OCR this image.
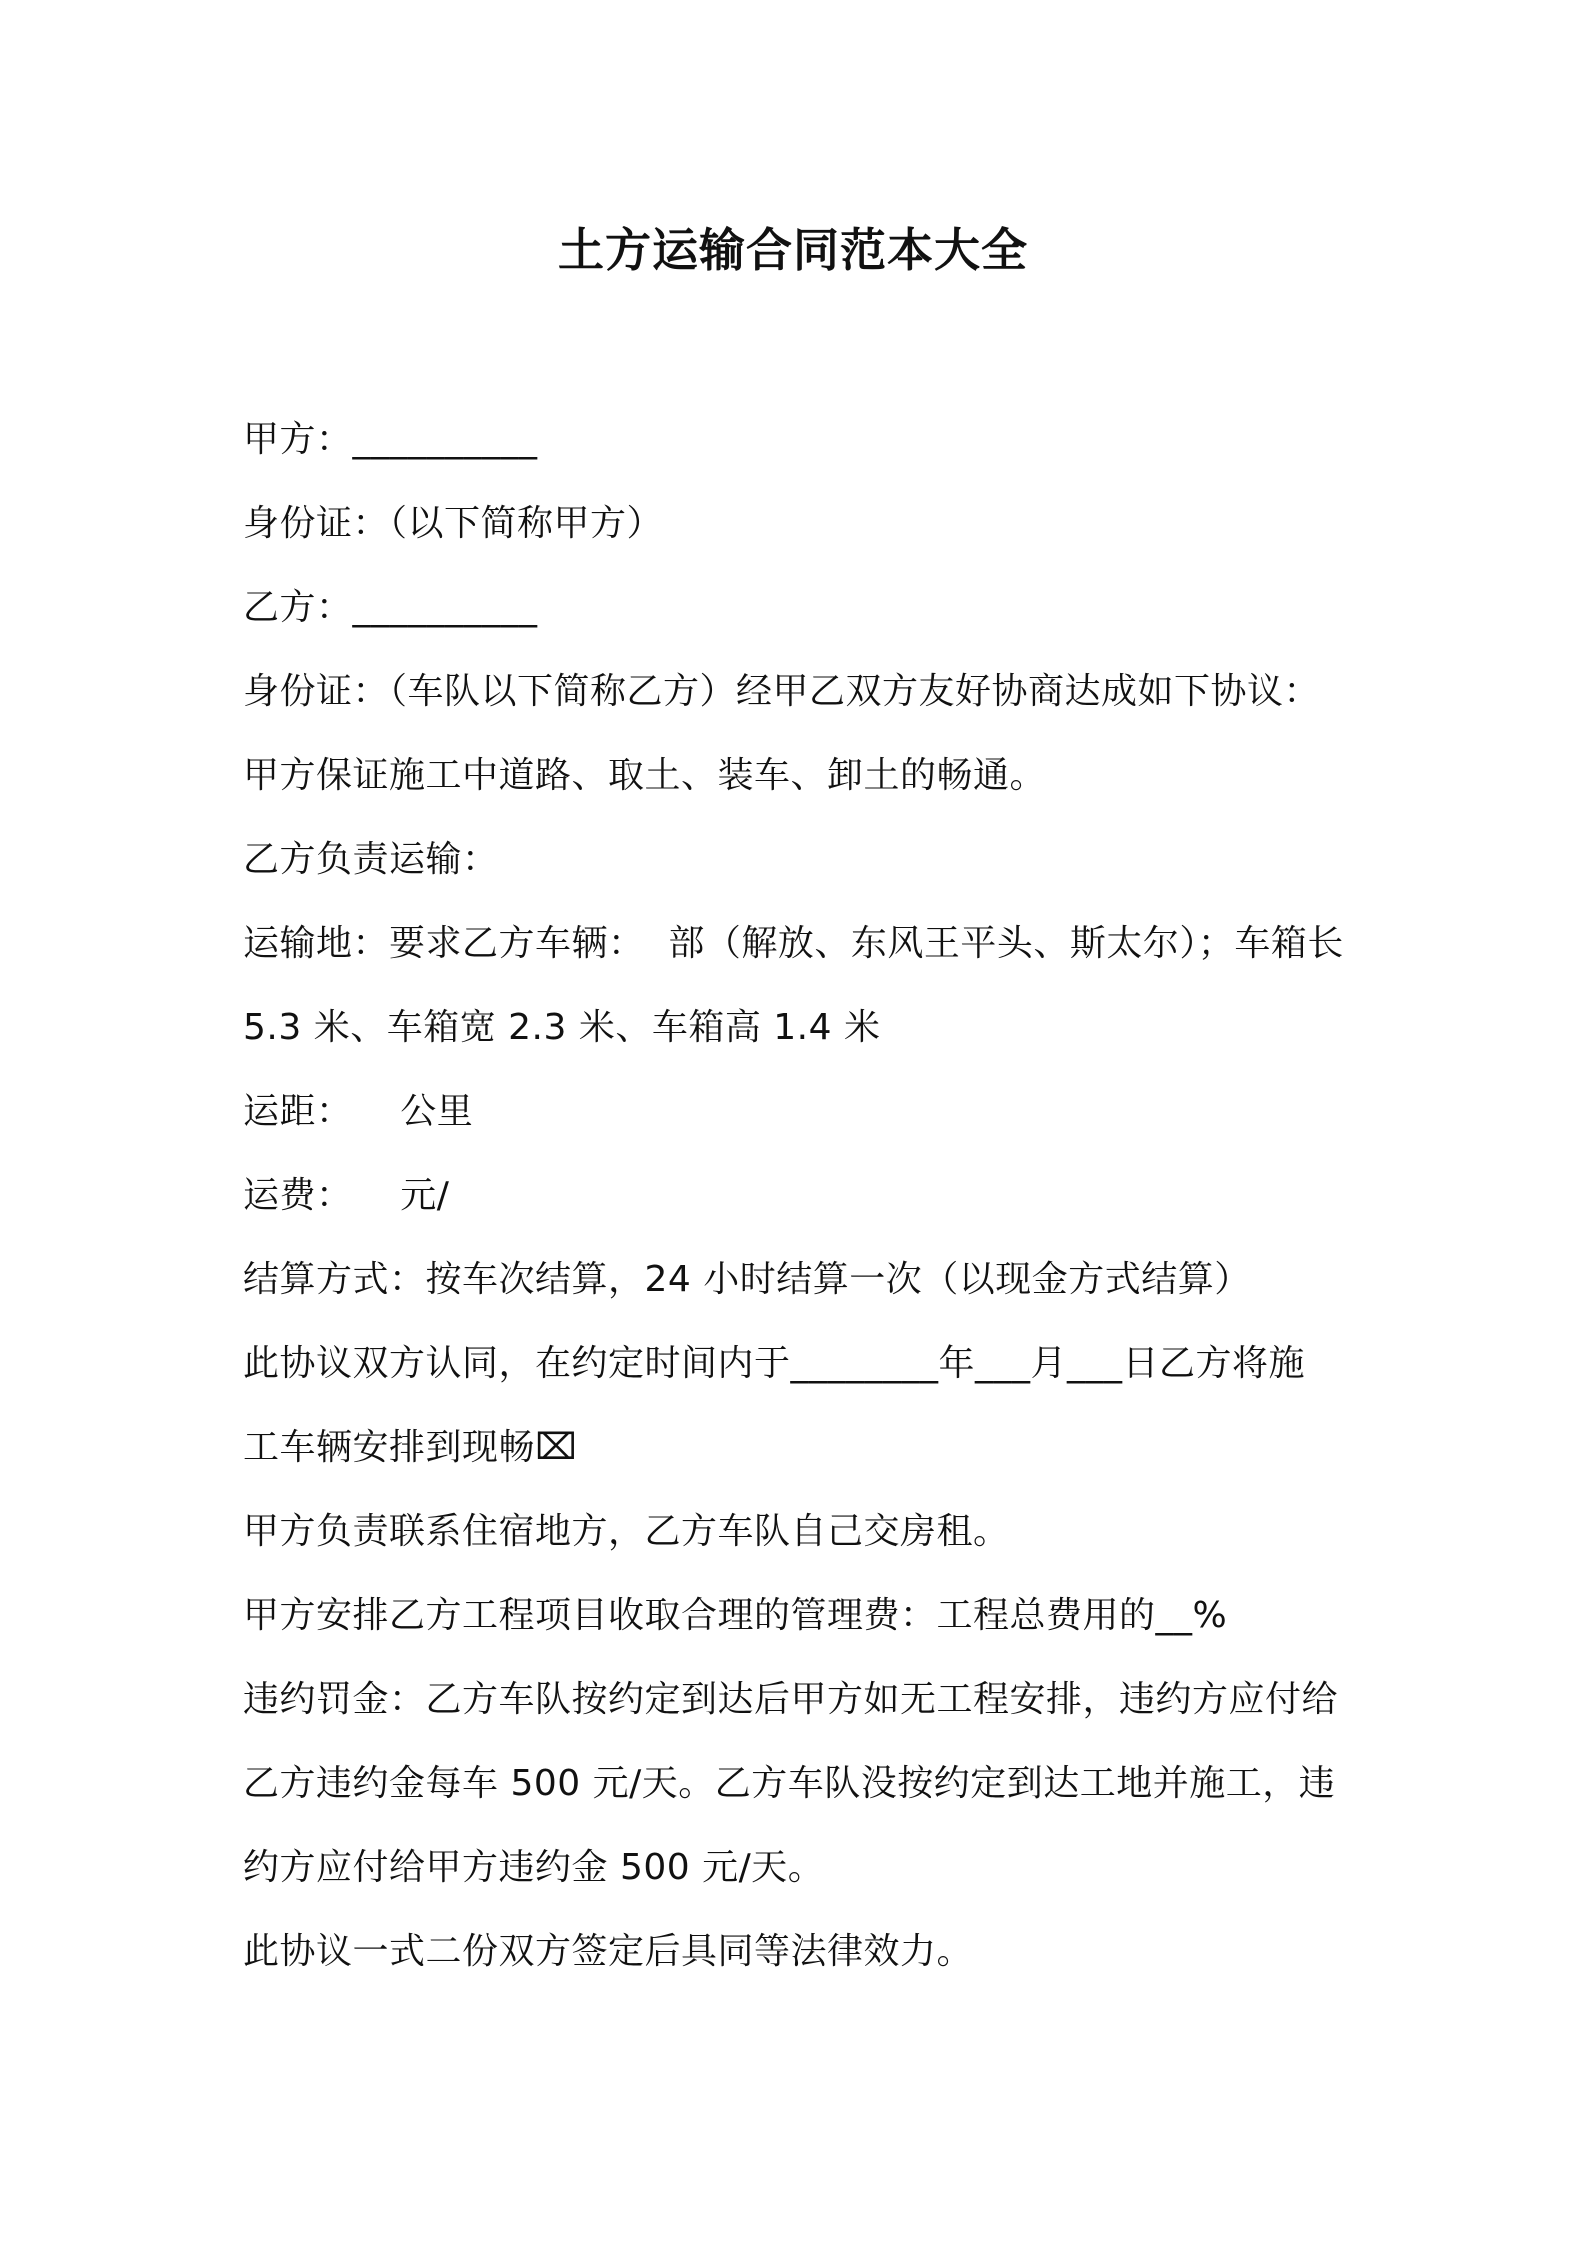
土方运输合同范本大全
甲方：__________
身份证：（以下简称甲方）
乙方：__________
身份证：（车队以下简称乙方）经甲乙双方友好协商达成如下协议：
甲方保证施工中道路、取土、装车、卸土的畅通。
乙方负责运输：
运输地：要求乙方车辆：  部（解放、东风王平头、斯太尔）；车箱长
5.3 米、车箱宽 2.3 米、车箱高 1.4 米
运距：    公里
运费：    元/
结算方式：按车次结算，24 小时结算一次（以现金方式结算）
此协议双方认同，在约定时间内于________年___月___日乙方将施
工车辆安排到现畅⌧
甲方负责联系住宿地方，乙方车队自己交房租。
甲方安排乙方工程项目收取合理的管理费：工程总费用的__%
违约罚金：乙方车队按约定到达后甲方如无工程安排，违约方应付给
乙方违约金每车 500 元/天。乙方车队没按约定到达工地并施工，违
约方应付给甲方违约金 500 元/天。
此协议一式二份双方签定后具同等法律效力。
